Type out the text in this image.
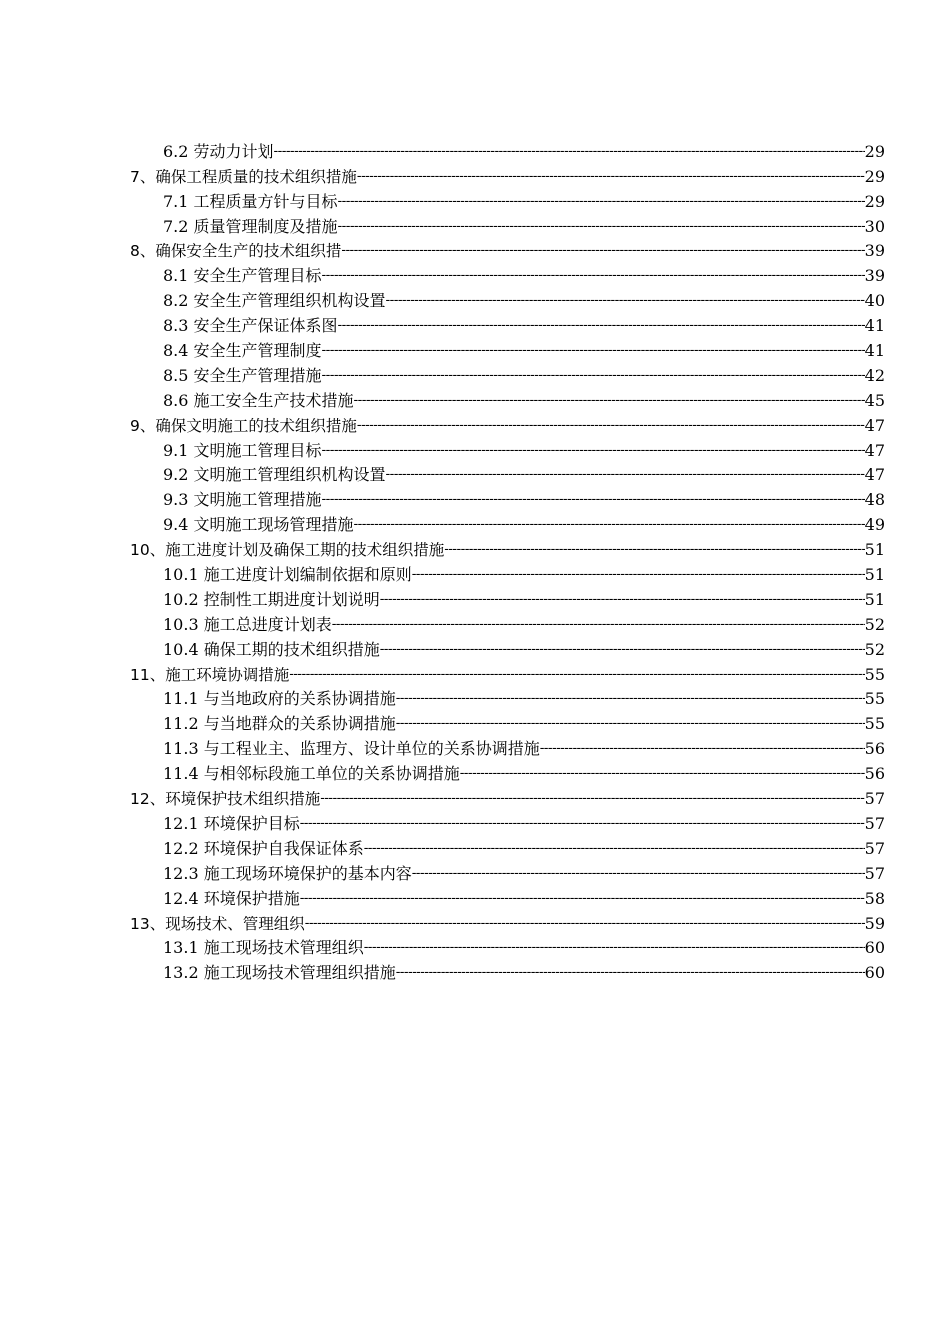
6.2 劳动力计划 -----	29
7、确保工程质量的技术组织措施 -----	29
7.1 工程质量方针与目标 -----	29
7.2 质量管理制度及措施 -----	30
8、确保安全生产的技术组织措 -----	39
8.1 安全生产管理目标 -----	39
8.2 安全生产管理组织机构设置 -----	40
8.3 安全生产保证体系图 -----	41
8.4 安全生产管理制度 -----	41
8.5 安全生产管理措施 -----	42
8.6 施工安全生产技术措施 -----	45
9、确保文明施工的技术组织措施 -----	47
9.1 文明施工管理目标 -----	47
9.2 文明施工管理组织机构设置 -----	47
9.3 文明施工管理措施 -----	48
9.4 文明施工现场管理措施 -----	49
10、施工进度计划及确保工期的技术组织措施 -----	51
10.1 施工进度计划编制依据和原则 -----	51
10.2 控制性工期进度计划说明 -----	51
10.3 施工总进度计划表 -----	52
10.4 确保工期的技术组织措施 -----	52
11、施工环境协调措施 -----	55
11.1 与当地政府的关系协调措施 -----	55
11.2 与当地群众的关系协调措施 -----	55
11.3 与工程业主、监理方、设计单位的关系协调措施 -----	56
11.4 与相邻标段施工单位的关系协调措施 -----	56
12、环境保护技术组织措施 -----	57
12.1 环境保护目标 -----	57
12.2 环境保护自我保证体系 -----	57
12.3 施工现场环境保护的基本内容 -----	57
12.4 环境保护措施 -----	58
13、现场技术、管理组织 -----	59
13.1 施工现场技术管理组织 -----	60
13.2 施工现场技术管理组织措施 -----	60
